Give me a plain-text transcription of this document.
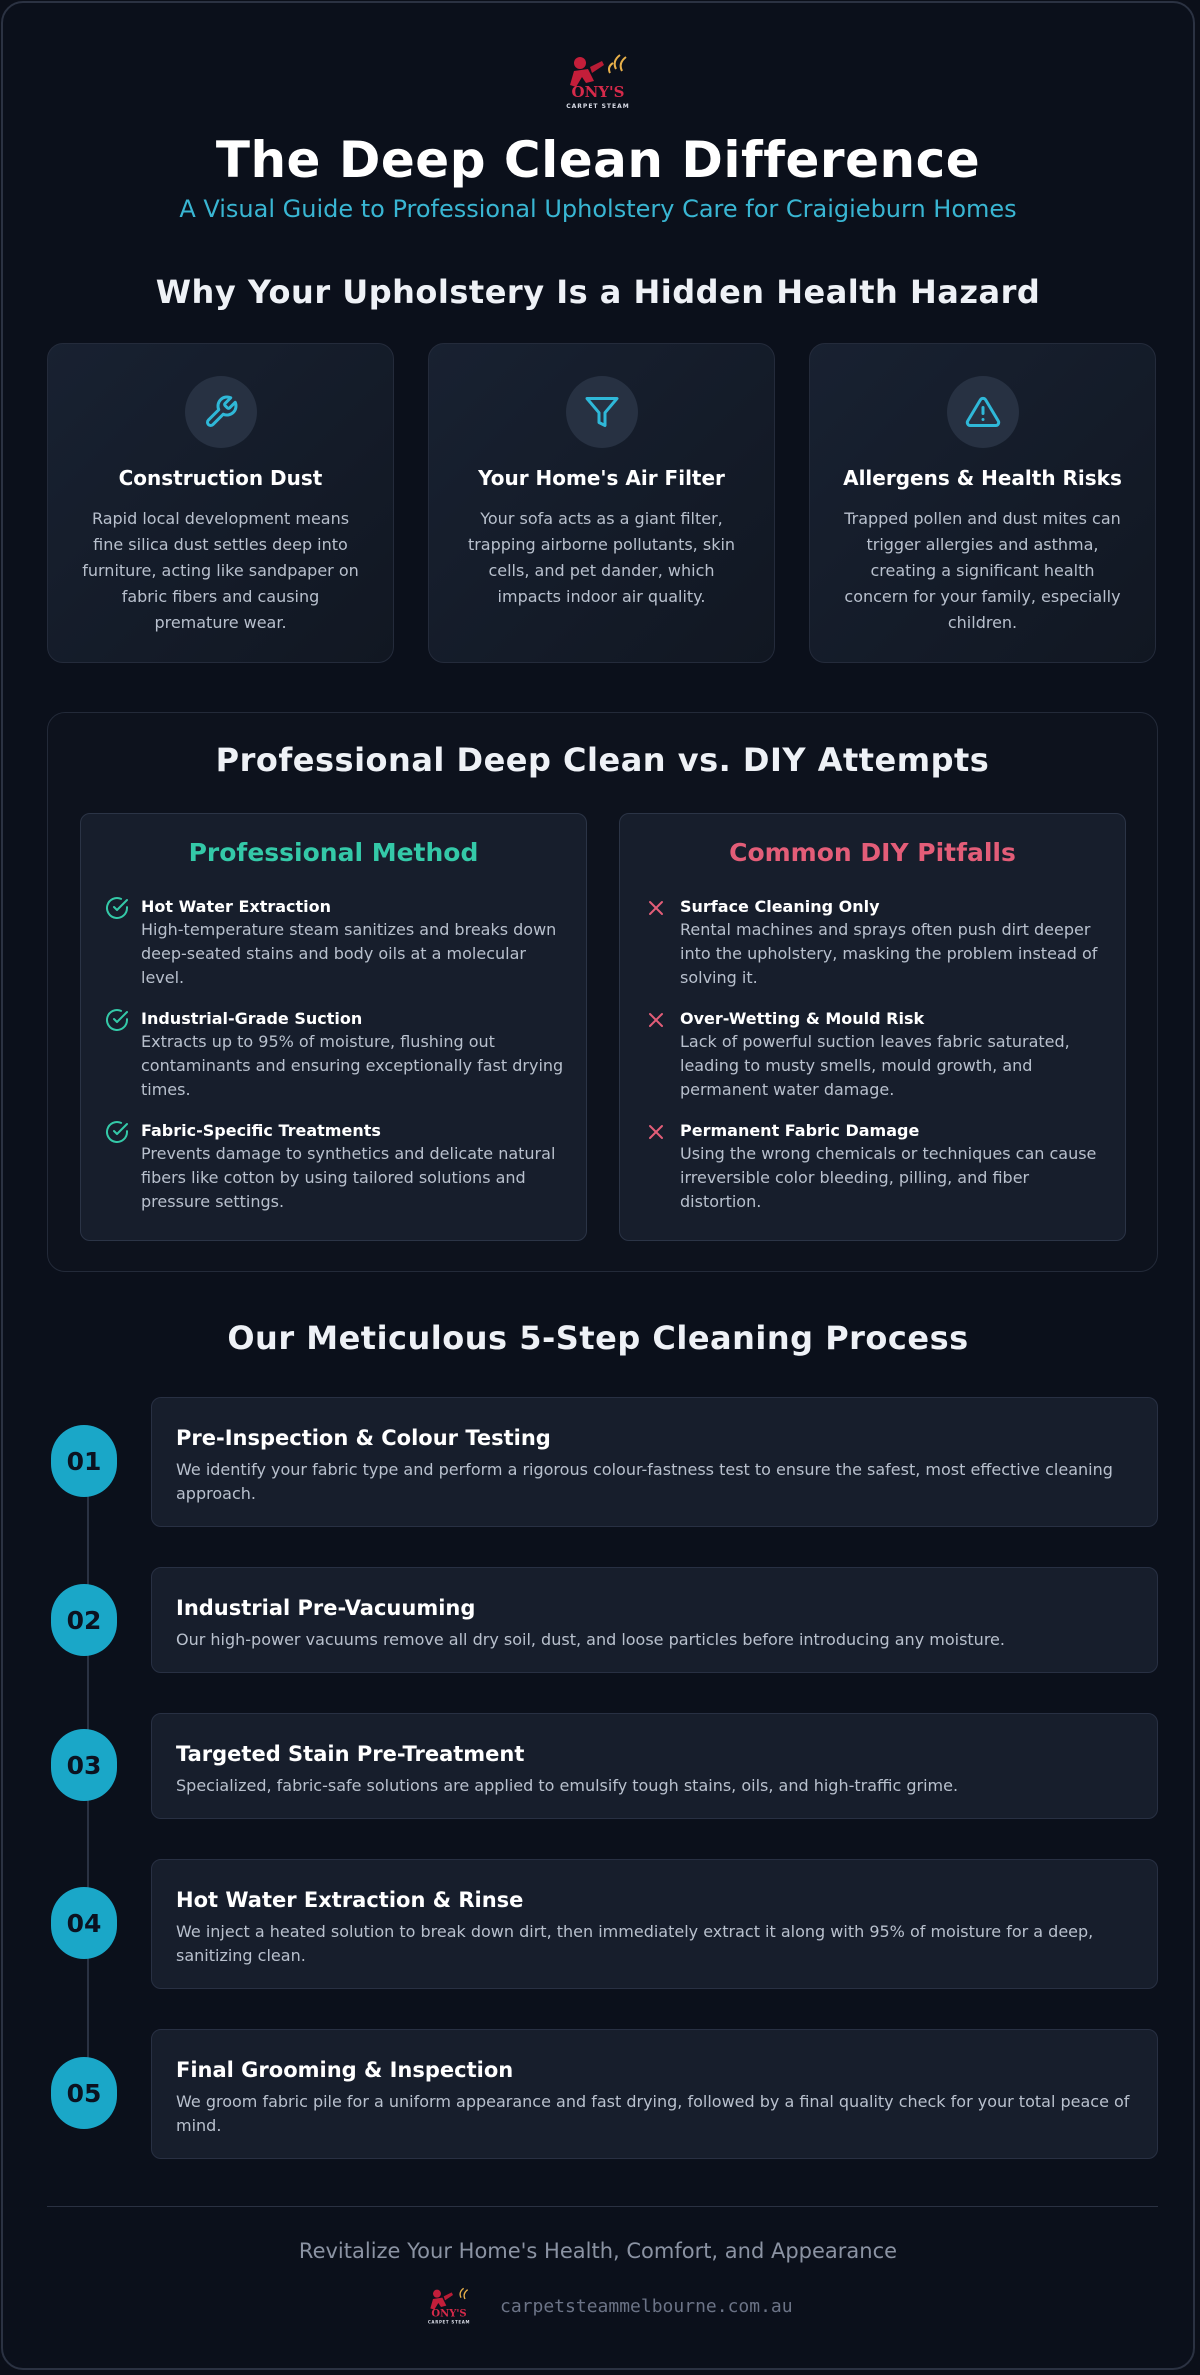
ONY'S
CARPET STEAM
The Deep Clean Difference
A Visual Guide to Professional Upholstery Care for Craigieburn Homes
Why Your Upholstery Is a Hidden Health Hazard
Construction Dust
Rapid local development means fine silica dust settles deep into furniture, acting like sandpaper on fabric fibers and causing premature wear.
Your Home's Air Filter
Your sofa acts as a giant filter, trapping airborne pollutants, skin cells, and pet dander, which impacts indoor air quality.
Allergens & Health Risks
Trapped pollen and dust mites can trigger allergies and asthma, creating a significant health concern for your family, especially children.
Professional Deep Clean vs. DIY Attempts
Professional Method
Hot Water Extraction
High-temperature steam sanitizes and breaks down deep-seated stains and body oils at a molecular level.
Industrial-Grade Suction
Extracts up to 95% of moisture, flushing out contaminants and ensuring exceptionally fast drying times.
Fabric-Specific Treatments
Prevents damage to synthetics and delicate natural fibers like cotton by using tailored solutions and pressure settings.
Common DIY Pitfalls
Surface Cleaning Only
Rental machines and sprays often push dirt deeper into the upholstery, masking the problem instead of solving it.
Over-Wetting & Mould Risk
Lack of powerful suction leaves fabric saturated, leading to musty smells, mould growth, and permanent water damage.
Permanent Fabric Damage
Using the wrong chemicals or techniques can cause irreversible color bleeding, pilling, and fiber distortion.
Our Meticulous 5-Step Cleaning Process
01
Pre-Inspection & Colour Testing
We identify your fabric type and perform a rigorous colour-fastness test to ensure the safest, most effective cleaning approach.
02	Industrial Pre-Vacuuming
Our high-power vacuums remove all dry soil, dust, and loose particles before introducing any moisture.
03	Targeted Stain Pre-Treatment
Specialized, fabric-safe solutions are applied to emulsify tough stains, oils, and high-traffic grime.
04
Hot Water Extraction & Rinse
We inject a heated solution to break down dirt, then immediately extract it along with 95% of moisture for a deep, sanitizing clean.
05
Final Grooming & Inspection
We groom fabric pile for a uniform appearance and fast drying, followed by a final quality check for your total peace of mind.
Revitalize Your Home's Health, Comfort, and Appearance
ONY'S
CARPET STEAM
carpetsteammelbourne.com.au
